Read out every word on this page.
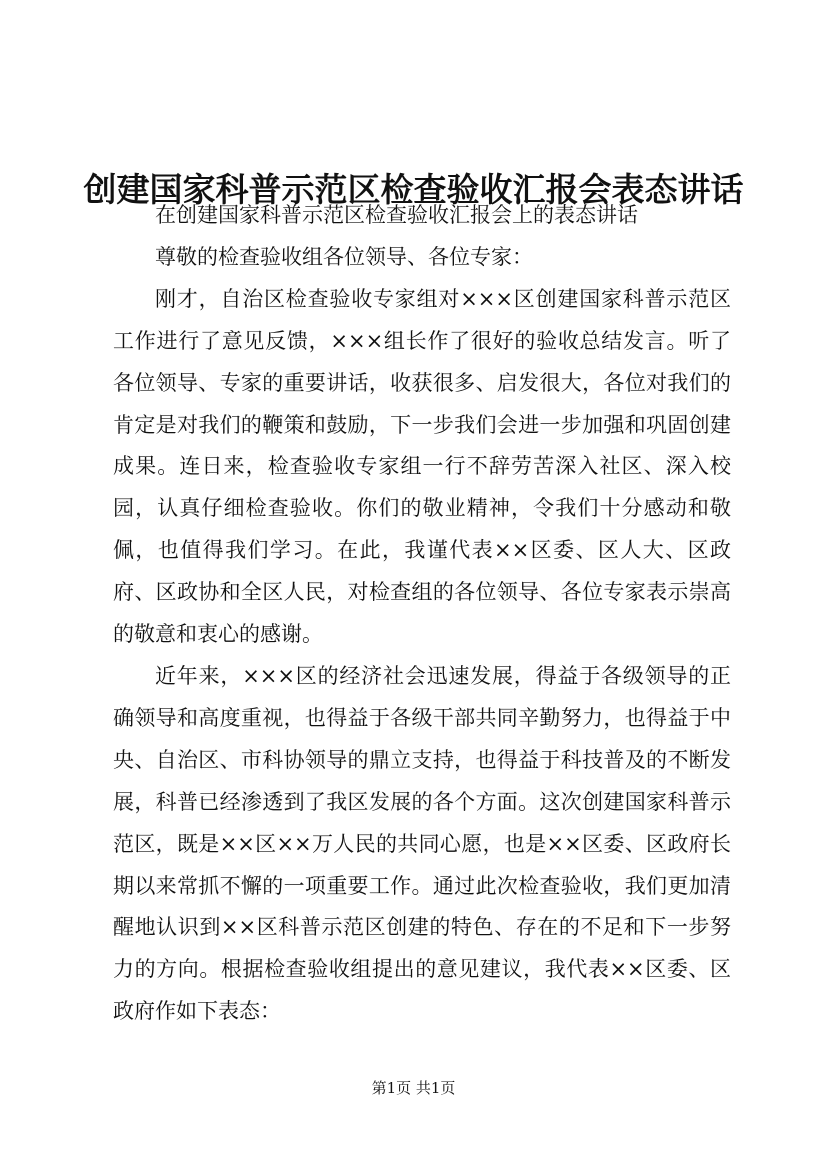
创建国家科普示范区检查验收汇报会表态讲话

在创建国家科普示范区检查验收汇报会上的表态讲话

尊敬的检查验收组各位领导、各位专家：

刚才，自治区检查验收专家组对×××区创建国家科普示范区工作进行了意见反馈，×××组长作了很好的验收总结发言。听了各位领导、专家的重要讲话，收获很多、启发很大，各位对我们的肯定是对我们的鞭策和鼓励，下一步我们会进一步加强和巩固创建成果。连日来，检查验收专家组一行不辞劳苦深入社区、深入校园，认真仔细检查验收。你们的敬业精神，令我们十分感动和敬佩，也值得我们学习。在此，我谨代表××区委、区人大、区政府、区政协和全区人民，对检查组的各位领导、各位专家表示崇高的敬意和衷心的感谢。

近年来，×××区的经济社会迅速发展，得益于各级领导的正确领导和高度重视，也得益于各级干部共同辛勤努力，也得益于中央、自治区、市科协领导的鼎立支持，也得益于科技普及的不断发展，科普已经渗透到了我区发展的各个方面。这次创建国家科普示范区，既是××区××万人民的共同心愿，也是××区委、区政府长期以来常抓不懈的一项重要工作。通过此次检查验收，我们更加清醒地认识到××区科普示范区创建的特色、存在的不足和下一步努力的方向。根据检查验收组提出的意见建议，我代表××区委、区政府作如下表态：

第1页 共1页
